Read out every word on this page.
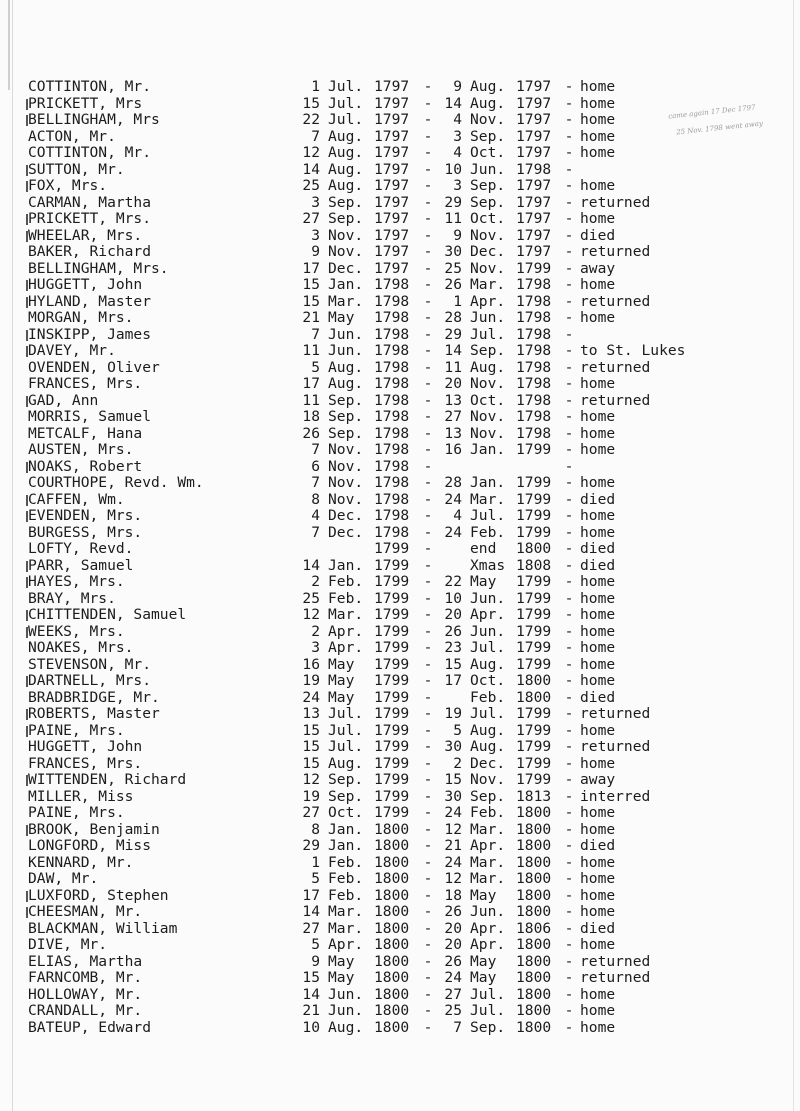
came again 17 Dec 1797
25 Nov. 1798 went away
COTTINTON, Mr.	1	Jul.	1797	-	9	Aug.	1797	-	home
PRICKETT, Mrs	15	Jul.	1797	-	14	Aug.	1797	-	home
BELLINGHAM, Mrs	22	Jul.	1797	-	4	Nov.	1797	-	home
ACTON, Mr.	7	Aug.	1797	-	3	Sep.	1797	-	home
COTTINTON, Mr.	12	Aug.	1797	-	4	Oct.	1797	-	home
SUTTON, Mr.	14	Aug.	1797	-	10	Jun.	1798	-	
FOX, Mrs.	25	Aug.	1797	-	3	Sep.	1797	-	home
CARMAN, Martha	3	Sep.	1797	-	29	Sep.	1797	-	returned
PRICKETT, Mrs.	27	Sep.	1797	-	11	Oct.	1797	-	home
WHEELAR, Mrs.	3	Nov.	1797	-	9	Nov.	1797	-	died
BAKER, Richard	9	Nov.	1797	-	30	Dec.	1797	-	returned
BELLINGHAM, Mrs.	17	Dec.	1797	-	25	Nov.	1799	-	away
HUGGETT, John	15	Jan.	1798	-	26	Mar.	1798	-	home
HYLAND, Master	15	Mar.	1798	-	1	Apr.	1798	-	returned
MORGAN, Mrs.	21	May	1798	-	28	Jun.	1798	-	home
INSKIPP, James	7	Jun.	1798	-	29	Jul.	1798	-	
DAVEY, Mr.	11	Jun.	1798	-	14	Sep.	1798	-	to St. Lukes
OVENDEN, Oliver	5	Aug.	1798	-	11	Aug.	1798	-	returned
FRANCES, Mrs.	17	Aug.	1798	-	20	Nov.	1798	-	home
GAD, Ann	11	Sep.	1798	-	13	Oct.	1798	-	returned
MORRIS, Samuel	18	Sep.	1798	-	27	Nov.	1798	-	home
METCALF, Hana	26	Sep.	1798	-	13	Nov.	1798	-	home
AUSTEN, Mrs.	7	Nov.	1798	-	16	Jan.	1799	-	home
NOAKS, Robert	6	Nov.	1798	-				-	
COURTHOPE, Revd. Wm.	7	Nov.	1798	-	28	Jan.	1799	-	home
CAFFEN, Wm.	8	Nov.	1798	-	24	Mar.	1799	-	died
EVENDEN, Mrs.	4	Dec.	1798	-	4	Jul.	1799	-	home
BURGESS, Mrs.	7	Dec.	1798	-	24	Feb.	1799	-	home
LOFTY, Revd.			1799	-		end	1800	-	died
PARR, Samuel	14	Jan.	1799	-		Xmas	1808	-	died
HAYES, Mrs.	2	Feb.	1799	-	22	May	1799	-	home
BRAY, Mrs.	25	Feb.	1799	-	10	Jun.	1799	-	home
CHITTENDEN, Samuel	12	Mar.	1799	-	20	Apr.	1799	-	home
WEEKS, Mrs.	2	Apr.	1799	-	26	Jun.	1799	-	home
NOAKES, Mrs.	3	Apr.	1799	-	23	Jul.	1799	-	home
STEVENSON, Mr.	16	May	1799	-	15	Aug.	1799	-	home
DARTNELL, Mrs.	19	May	1799	-	17	Oct.	1800	-	home
BRADBRIDGE, Mr.	24	May	1799	-		Feb.	1800	-	died
ROBERTS, Master	13	Jul.	1799	-	19	Jul.	1799	-	returned
PAINE, Mrs.	15	Jul.	1799	-	5	Aug.	1799	-	home
HUGGETT, John	15	Jul.	1799	-	30	Aug.	1799	-	returned
FRANCES, Mrs.	15	Aug.	1799	-	2	Dec.	1799	-	home
WITTENDEN, Richard	12	Sep.	1799	-	15	Nov.	1799	-	away
MILLER, Miss	19	Sep.	1799	-	30	Sep.	1813	-	interred
PAINE, Mrs.	27	Oct.	1799	-	24	Feb.	1800	-	home
BROOK, Benjamin	8	Jan.	1800	-	12	Mar.	1800	-	home
LONGFORD, Miss	29	Jan.	1800	-	21	Apr.	1800	-	died
KENNARD, Mr.	1	Feb.	1800	-	24	Mar.	1800	-	home
DAW, Mr.	5	Feb.	1800	-	12	Mar.	1800	-	home
LUXFORD, Stephen	17	Feb.	1800	-	18	May	1800	-	home
CHEESMAN, Mr.	14	Mar.	1800	-	26	Jun.	1800	-	home
BLACKMAN, William	27	Mar.	1800	-	20	Apr.	1806	-	died
DIVE, Mr.	5	Apr.	1800	-	20	Apr.	1800	-	home
ELIAS, Martha	9	May	1800	-	26	May	1800	-	returned
FARNCOMB, Mr.	15	May	1800	-	24	May	1800	-	returned
HOLLOWAY, Mr.	14	Jun.	1800	-	27	Jul.	1800	-	home
CRANDALL, Mr.	21	Jun.	1800	-	25	Jul.	1800	-	home
BATEUP, Edward	10	Aug.	1800	-	7	Sep.	1800	-	home
